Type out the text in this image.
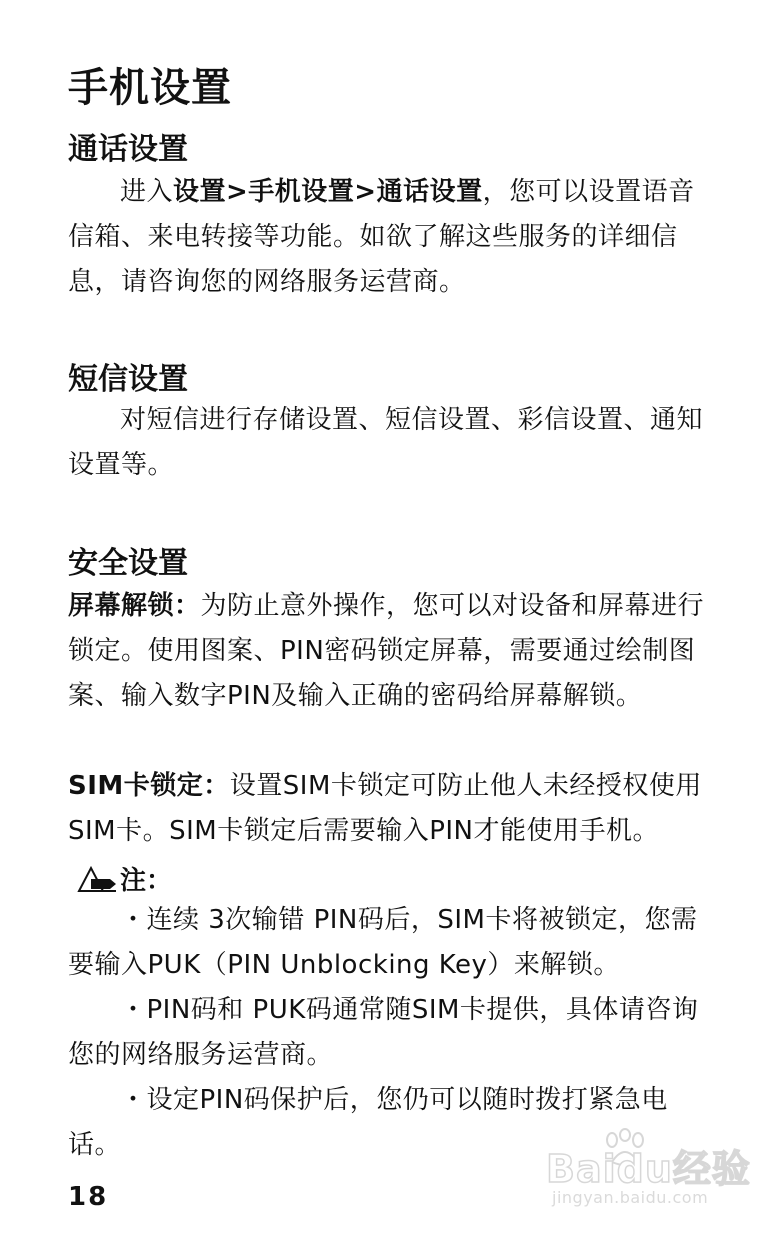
手机设置
通话设置

进入设置>手机设置>通话设置，您可以设置语音信箱、来电转接等功能。如欲了解这些服务的详细信息，请咨询您的网络服务运营商。

短信设置

对短信进行存储设置、短信设置、彩信设置、通知设置等。

安全设置

屏幕解锁：为防止意外操作，您可以对设备和屏幕进行锁定。使用图案、PIN密码锁定屏幕，需要通过绘制图案、输入数字PIN及输入正确的密码给屏幕解锁。

SIM卡锁定：设置SIM卡锁定可防止他人未经授权使用SIM卡。SIM卡锁定后需要输入PIN才能使用手机。

注：

・连续 3次输错 PIN码后，SIM卡将被锁定，您需要输入PUK（PIN Unblocking Key）来解锁。

・PIN码和 PUK码通常随SIM卡提供，具体请咨询您的网络服务运营商。

・设定PIN码保护后，您仍可以随时拨打紧急电话。

18
Baidu经验
jingyan.baidu.com
